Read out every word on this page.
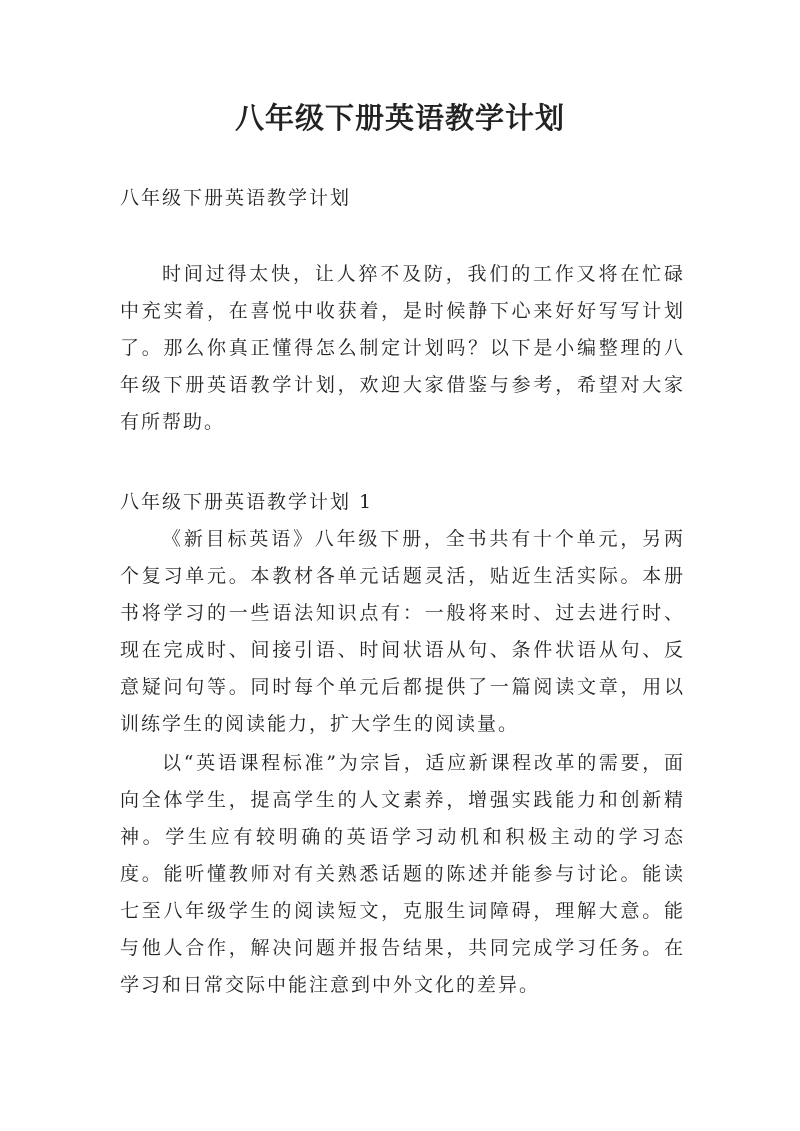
八年级下册英语教学计划

八年级下册英语教学计划

时间过得太快，让人猝不及防，我们的工作又将在忙碌中充实着，在喜悦中收获着，是时候静下心来好好写写计划了。那么你真正懂得怎么制定计划吗？以下是小编整理的八年级下册英语教学计划，欢迎大家借鉴与参考，希望对大家有所帮助。

八年级下册英语教学计划 1

《新目标英语》八年级下册，全书共有十个单元，另两个复习单元。本教材各单元话题灵活，贴近生活实际。本册书将学习的一些语法知识点有：一般将来时、过去进行时、现在完成时、间接引语、时间状语从句、条件状语从句、反意疑问句等。同时每个单元后都提供了一篇阅读文章，用以训练学生的阅读能力，扩大学生的阅读量。

以“英语课程标准”为宗旨，适应新课程改革的需要，面向全体学生，提高学生的人文素养，增强实践能力和创新精神。学生应有较明确的英语学习动机和积极主动的学习态度。能听懂教师对有关熟悉话题的陈述并能参与讨论。能读七至八年级学生的阅读短文，克服生词障碍，理解大意。能与他人合作，解决问题并报告结果，共同完成学习任务。在学习和日常交际中能注意到中外文化的差异。
